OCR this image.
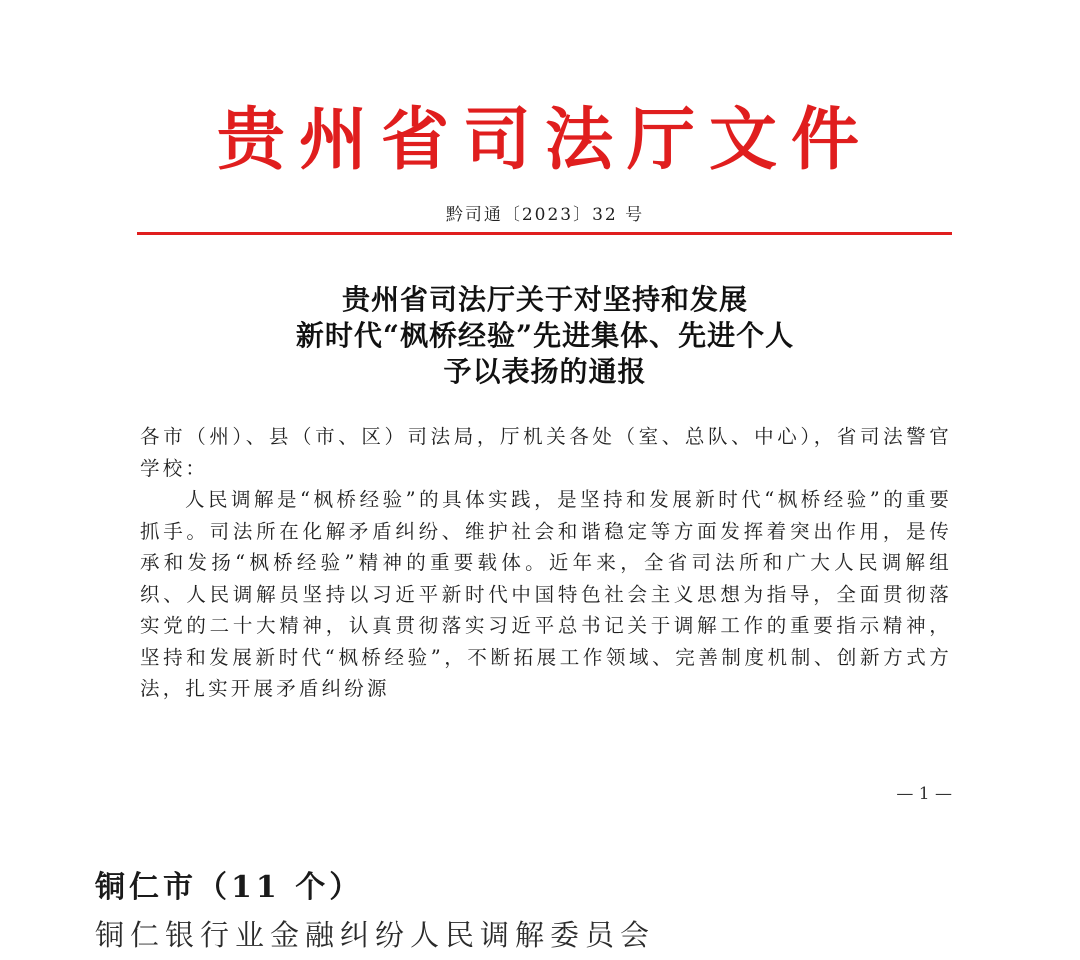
贵州省司法厅文件
黔司通〔2023〕32 号
贵州省司法厅关于对坚持和发展
新时代“枫桥经验”先进集体、先进个人
予以表扬的通报

各市（州）、县（市、区）司法局，厅机关各处（室、总队、中心），省司法警官学校：

人民调解是“枫桥经验”的具体实践，是坚持和发展新时代“枫桥经验”的重要抓手。司法所在化解矛盾纠纷、维护社会和谐稳定等方面发挥着突出作用，是传承和发扬“枫桥经验”精神的重要载体。近年来，全省司法所和广大人民调解组织、人民调解员坚持以习近平新时代中国特色社会主义思想为指导，全面贯彻落实党的二十大精神，认真贯彻落实习近平总书记关于调解工作的重要指示精神，坚持和发展新时代“枫桥经验”，不断拓展工作领域、完善制度机制、创新方式方法，扎实开展矛盾纠纷源

— 1 —
铜仁市（11 个）
铜仁银行业金融纠纷人民调解委员会
